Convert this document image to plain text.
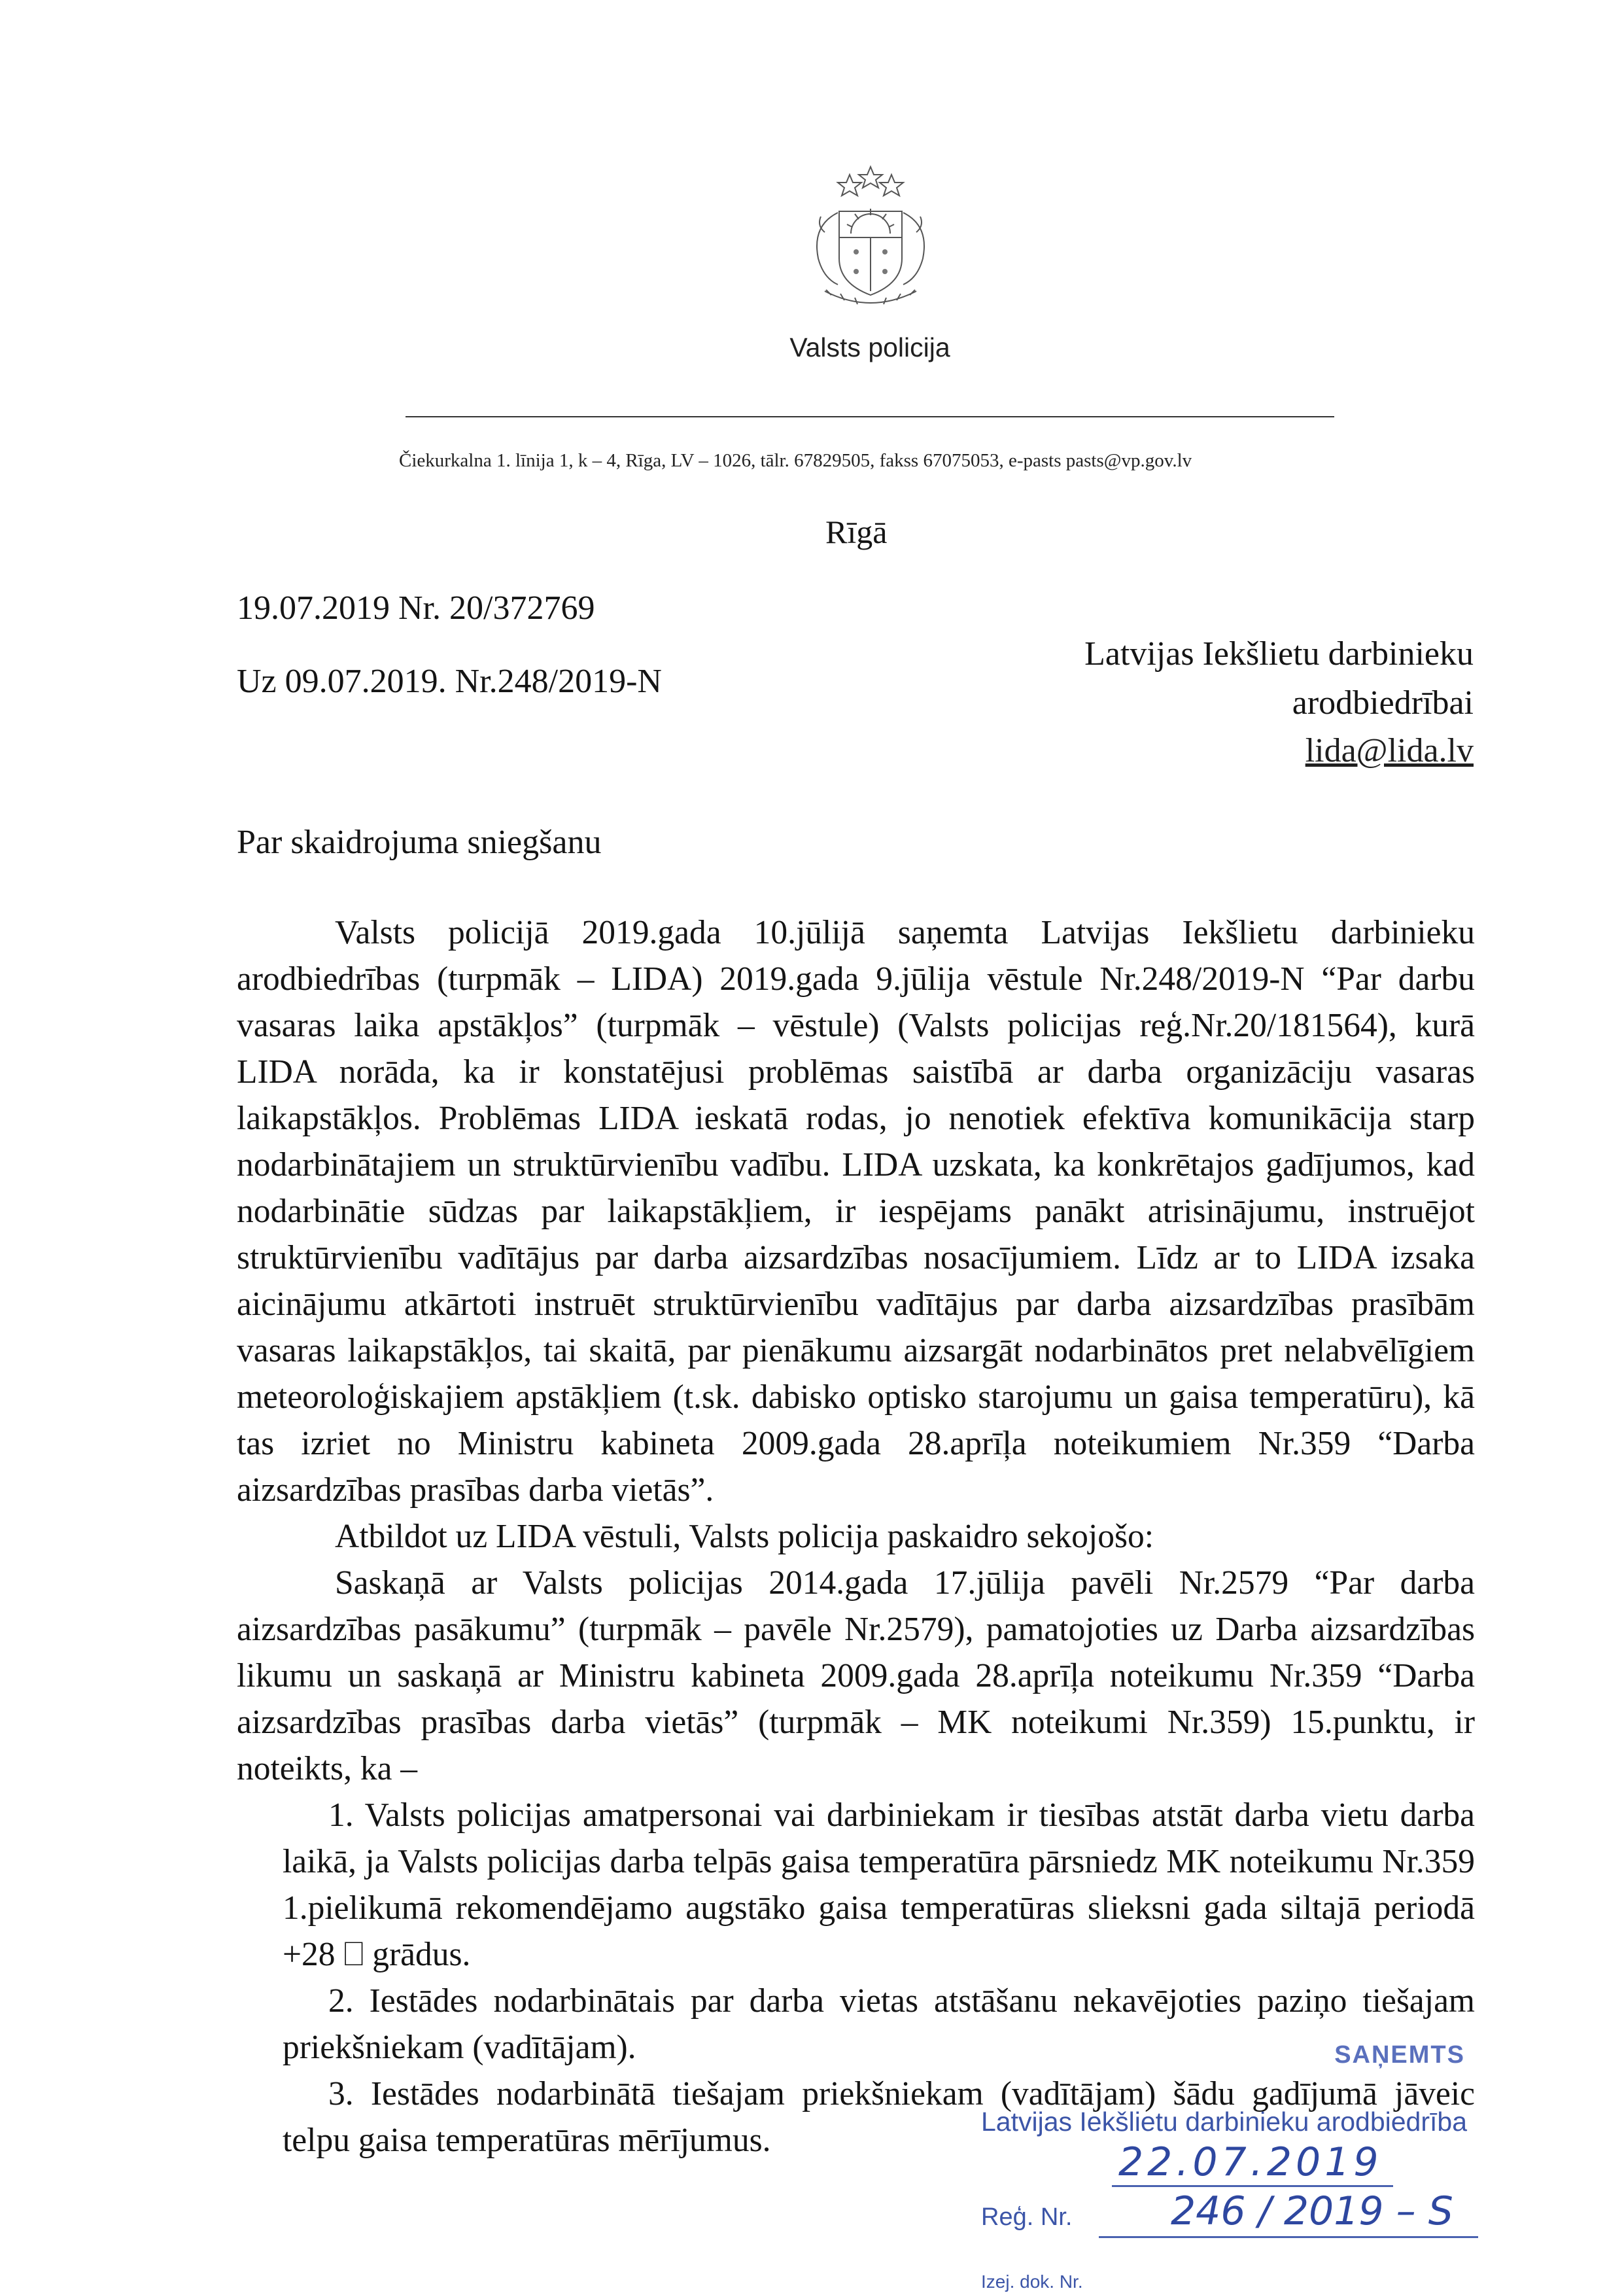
Valsts policija
Čiekurkalna 1. līnija 1, k – 4, Rīga, LV – 1026, tālr. 67829505, fakss 67075053, e-pasts pasts@vp.gov.lv
Rīgā
19.07.2019 Nr. 20/372769
Uz 09.07.2019. Nr.248/2019-N
Latvijas Iekšlietu darbinieku
arodbiedrībai
lida@lida.lv
Par skaidrojuma sniegšanu

Valsts policijā 2019.gada 10.jūlijā saņemta Latvijas Iekšlietu darbinieku arodbiedrības (turpmāk – LIDA) 2019.gada 9.jūlija vēstule Nr.248/2019-N “Par darbu vasaras laika apstākļos” (turpmāk – vēstule) (Valsts policijas reģ.Nr.20/181564), kurā LIDA norāda, ka ir konstatējusi problēmas saistībā ar darba organizāciju vasaras laikapstākļos. Problēmas LIDA ieskatā rodas, jo nenotiek efektīva komunikācija starp nodarbinātajiem un struktūrvienību vadību. LIDA uzskata, ka konkrētajos gadījumos, kad nodarbinātie sūdzas par laikapstākļiem, ir iespējams panākt atrisinājumu, instruējot struktūrvienību vadītājus par darba aizsardzības nosacījumiem. Līdz ar to LIDA izsaka aicinājumu atkārtoti instruēt struktūrvienību vadītājus par darba aizsardzības prasībām vasaras laikapstākļos, tai skaitā, par pienākumu aizsargāt nodarbinātos pret nelabvēlīgiem meteoroloģiskajiem apstākļiem (t.sk. dabisko optisko starojumu un gaisa temperatūru), kā tas izriet no Ministru kabineta 2009.gada 28.aprīļa noteikumiem Nr.359 “Darba aizsardzības prasības darba vietās”.

Atbildot uz LIDA vēstuli, Valsts policija paskaidro sekojošo:

Saskaņā ar Valsts policijas 2014.gada 17.jūlija pavēli Nr.2579 “Par darba aizsardzības pasākumu” (turpmāk – pavēle Nr.2579), pamatojoties uz Darba aizsardzības likumu un saskaņā ar Ministru kabineta 2009.gada 28.aprīļa noteikumu Nr.359 “Darba aizsardzības prasības darba vietās” (turpmāk – MK noteikumi Nr.359) 15.punktu, ir noteikts, ka –

1. Valsts policijas amatpersonai vai darbiniekam ir tiesības atstāt darba vietu darba laikā, ja Valsts policijas darba telpās gaisa temperatūra pārsniedz MK noteikumu Nr.359 1.pielikumā rekomendējamo augstāko gaisa temperatūras slieksni gada siltajā periodā +28 ⎕ grādus.

2. Iestādes nodarbinātais par darba vietas atstāšanu nekavējoties paziņo tiešajam priekšniekam (vadītājam).

3. Iestādes nodarbinātā tiešajam priekšniekam (vadītājam) šādu gadījumā jāveic telpu gaisa temperatūras mērījumus.

SAŅEMTS
Latvijas Iekšlietu darbinieku arodbiedrība
22.07.2019
Reģ. Nr.	246 / 2019 – S
Izej. dok. Nr.
